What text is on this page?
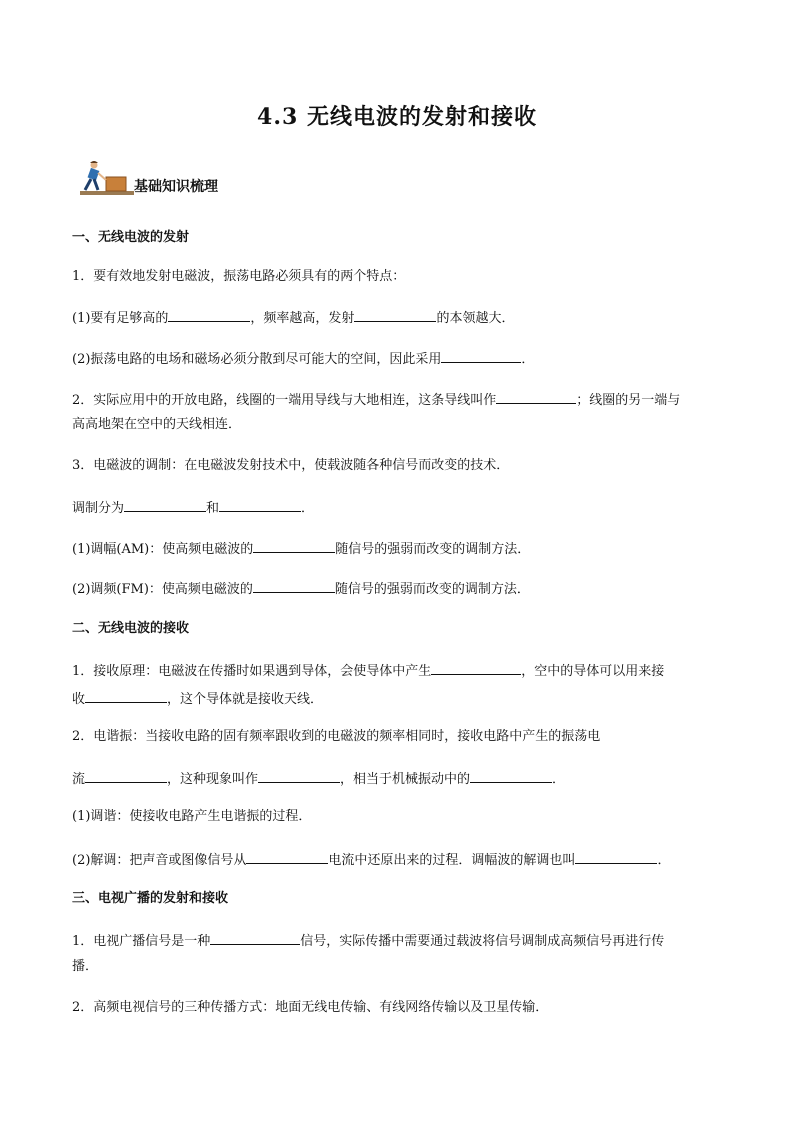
4.3 无线电波的发射和接收
基础知识梳理
一、无线电波的发射
1．要有效地发射电磁波，振荡电路必须具有的两个特点：
(1)要有足够高的	，频率越高，发射	的本领越大．
(2)振荡电路的电场和磁场必须分散到尽可能大的空间，因此采用	．
2．实际应用中的开放电路，线圈的一端用导线与大地相连，这条导线叫作	；线圈的另一端与
高高地架在空中的天线相连．
3．电磁波的调制：在电磁波发射技术中，使载波随各种信号而改变的技术．
调制分为	和	．
(1)调幅(AM)：使高频电磁波的	随信号的强弱而改变的调制方法．
(2)调频(FM)：使高频电磁波的	随信号的强弱而改变的调制方法．
二、无线电波的接收
1．接收原理：电磁波在传播时如果遇到导体，会使导体中产生	，空中的导体可以用来接
收	，这个导体就是接收天线．
2．电谐振：当接收电路的固有频率跟收到的电磁波的频率相同时，接收电路中产生的振荡电
流	，这种现象叫作	，相当于机械振动中的	．
(1)调谐：使接收电路产生电谐振的过程．
(2)解调：把声音或图像信号从	电流中还原出来的过程．调幅波的解调也叫	．
三、电视广播的发射和接收
1．电视广播信号是一种	信号，实际传播中需要通过载波将信号调制成高频信号再进行传
播．
2．高频电视信号的三种传播方式：地面无线电传输、有线网络传输以及卫星传输．
